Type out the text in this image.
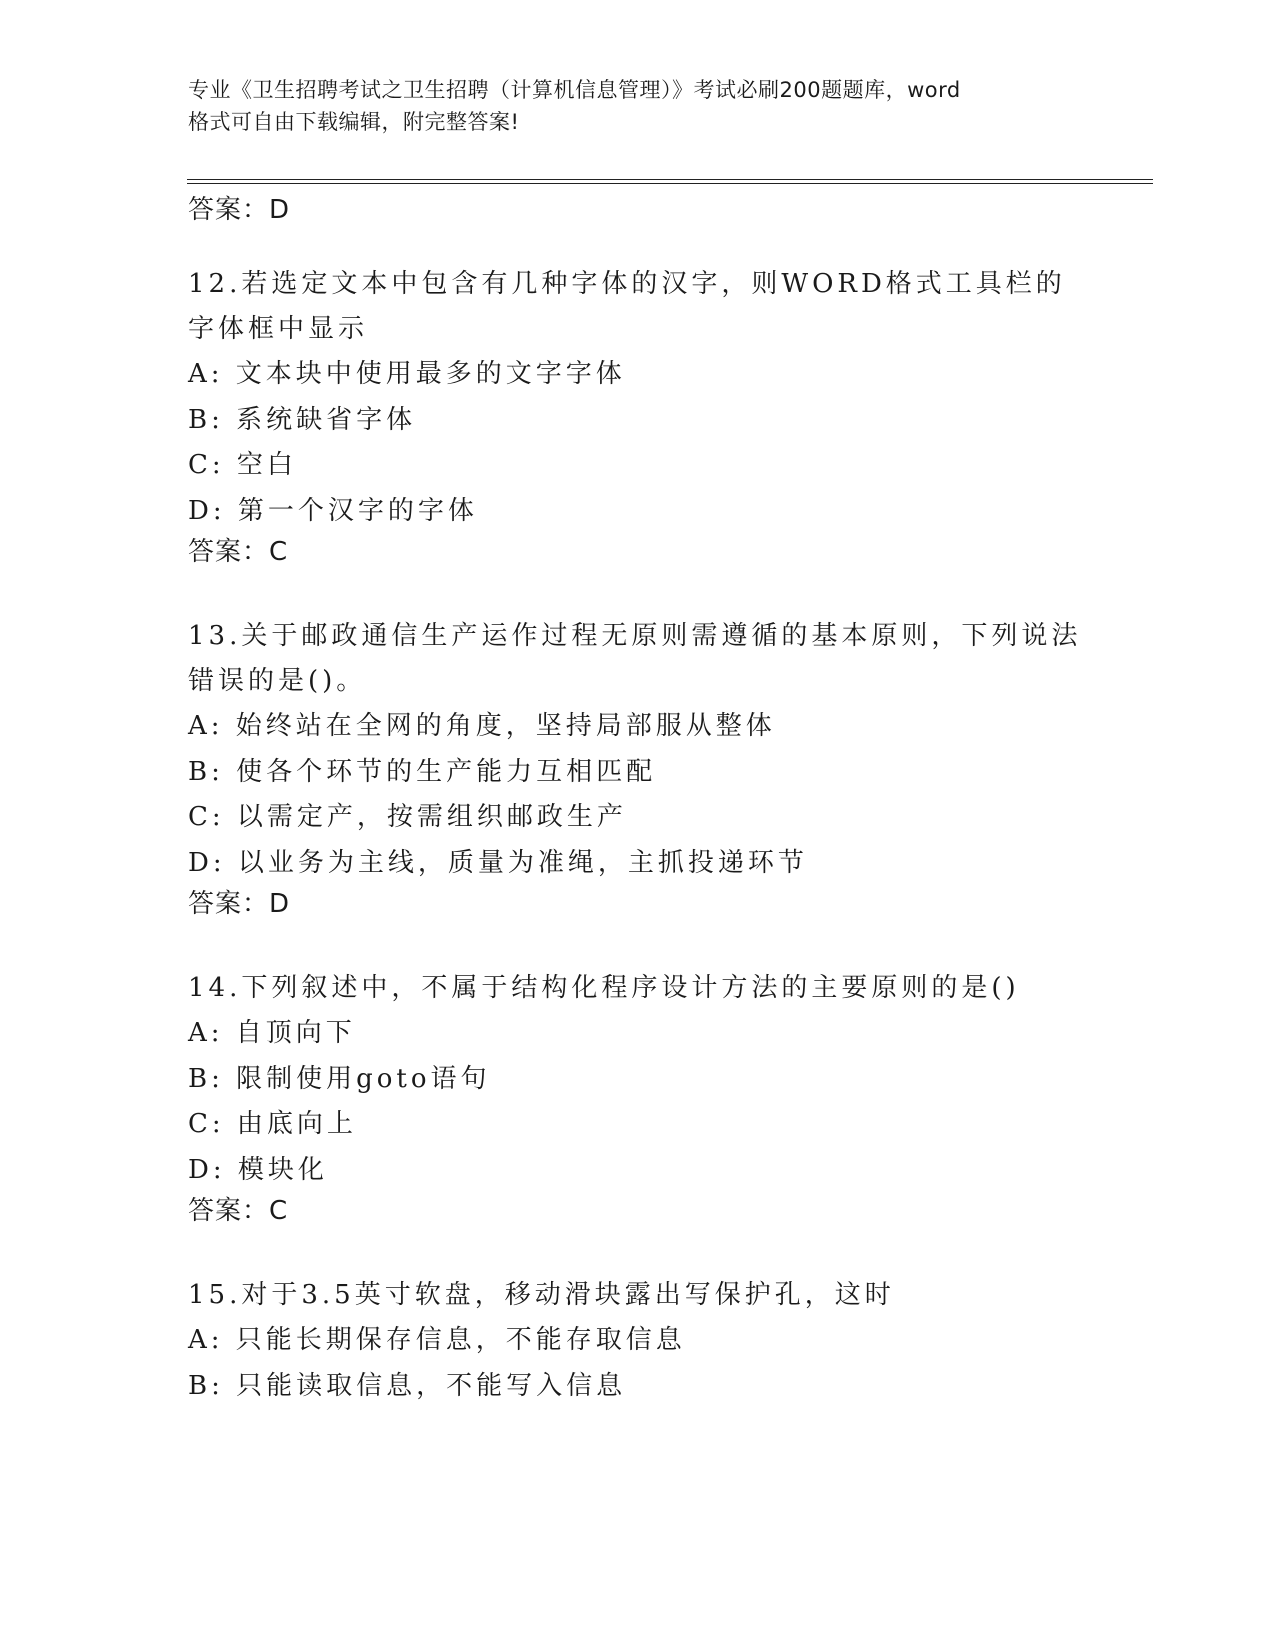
专业《卫生招聘考试之卫生招聘（计算机信息管理）》考试必刷200题题库，word
格式可自由下载编辑，附完整答案!
答案：D

12.若选定文本中包含有几种字体的汉字，则WORD格式工具栏的字体框中显示

A: 文本块中使用最多的文字字体
B: 系统缺省字体
C: 空白
D: 第一个汉字的字体
答案：C

13.关于邮政通信生产运作过程无原则需遵循的基本原则，下列说法错误的是()。

A: 始终站在全网的角度，坚持局部服从整体
B: 使各个环节的生产能力互相匹配
C: 以需定产，按需组织邮政生产
D: 以业务为主线，质量为准绳，主抓投递环节
答案：D

14.下列叙述中，不属于结构化程序设计方法的主要原则的是()

A: 自顶向下
B: 限制使用goto语句
C: 由底向上
D: 模块化
答案：C

15.对于3.5英寸软盘，移动滑块露出写保护孔，这时

A: 只能长期保存信息，不能存取信息
B: 只能读取信息，不能写入信息
